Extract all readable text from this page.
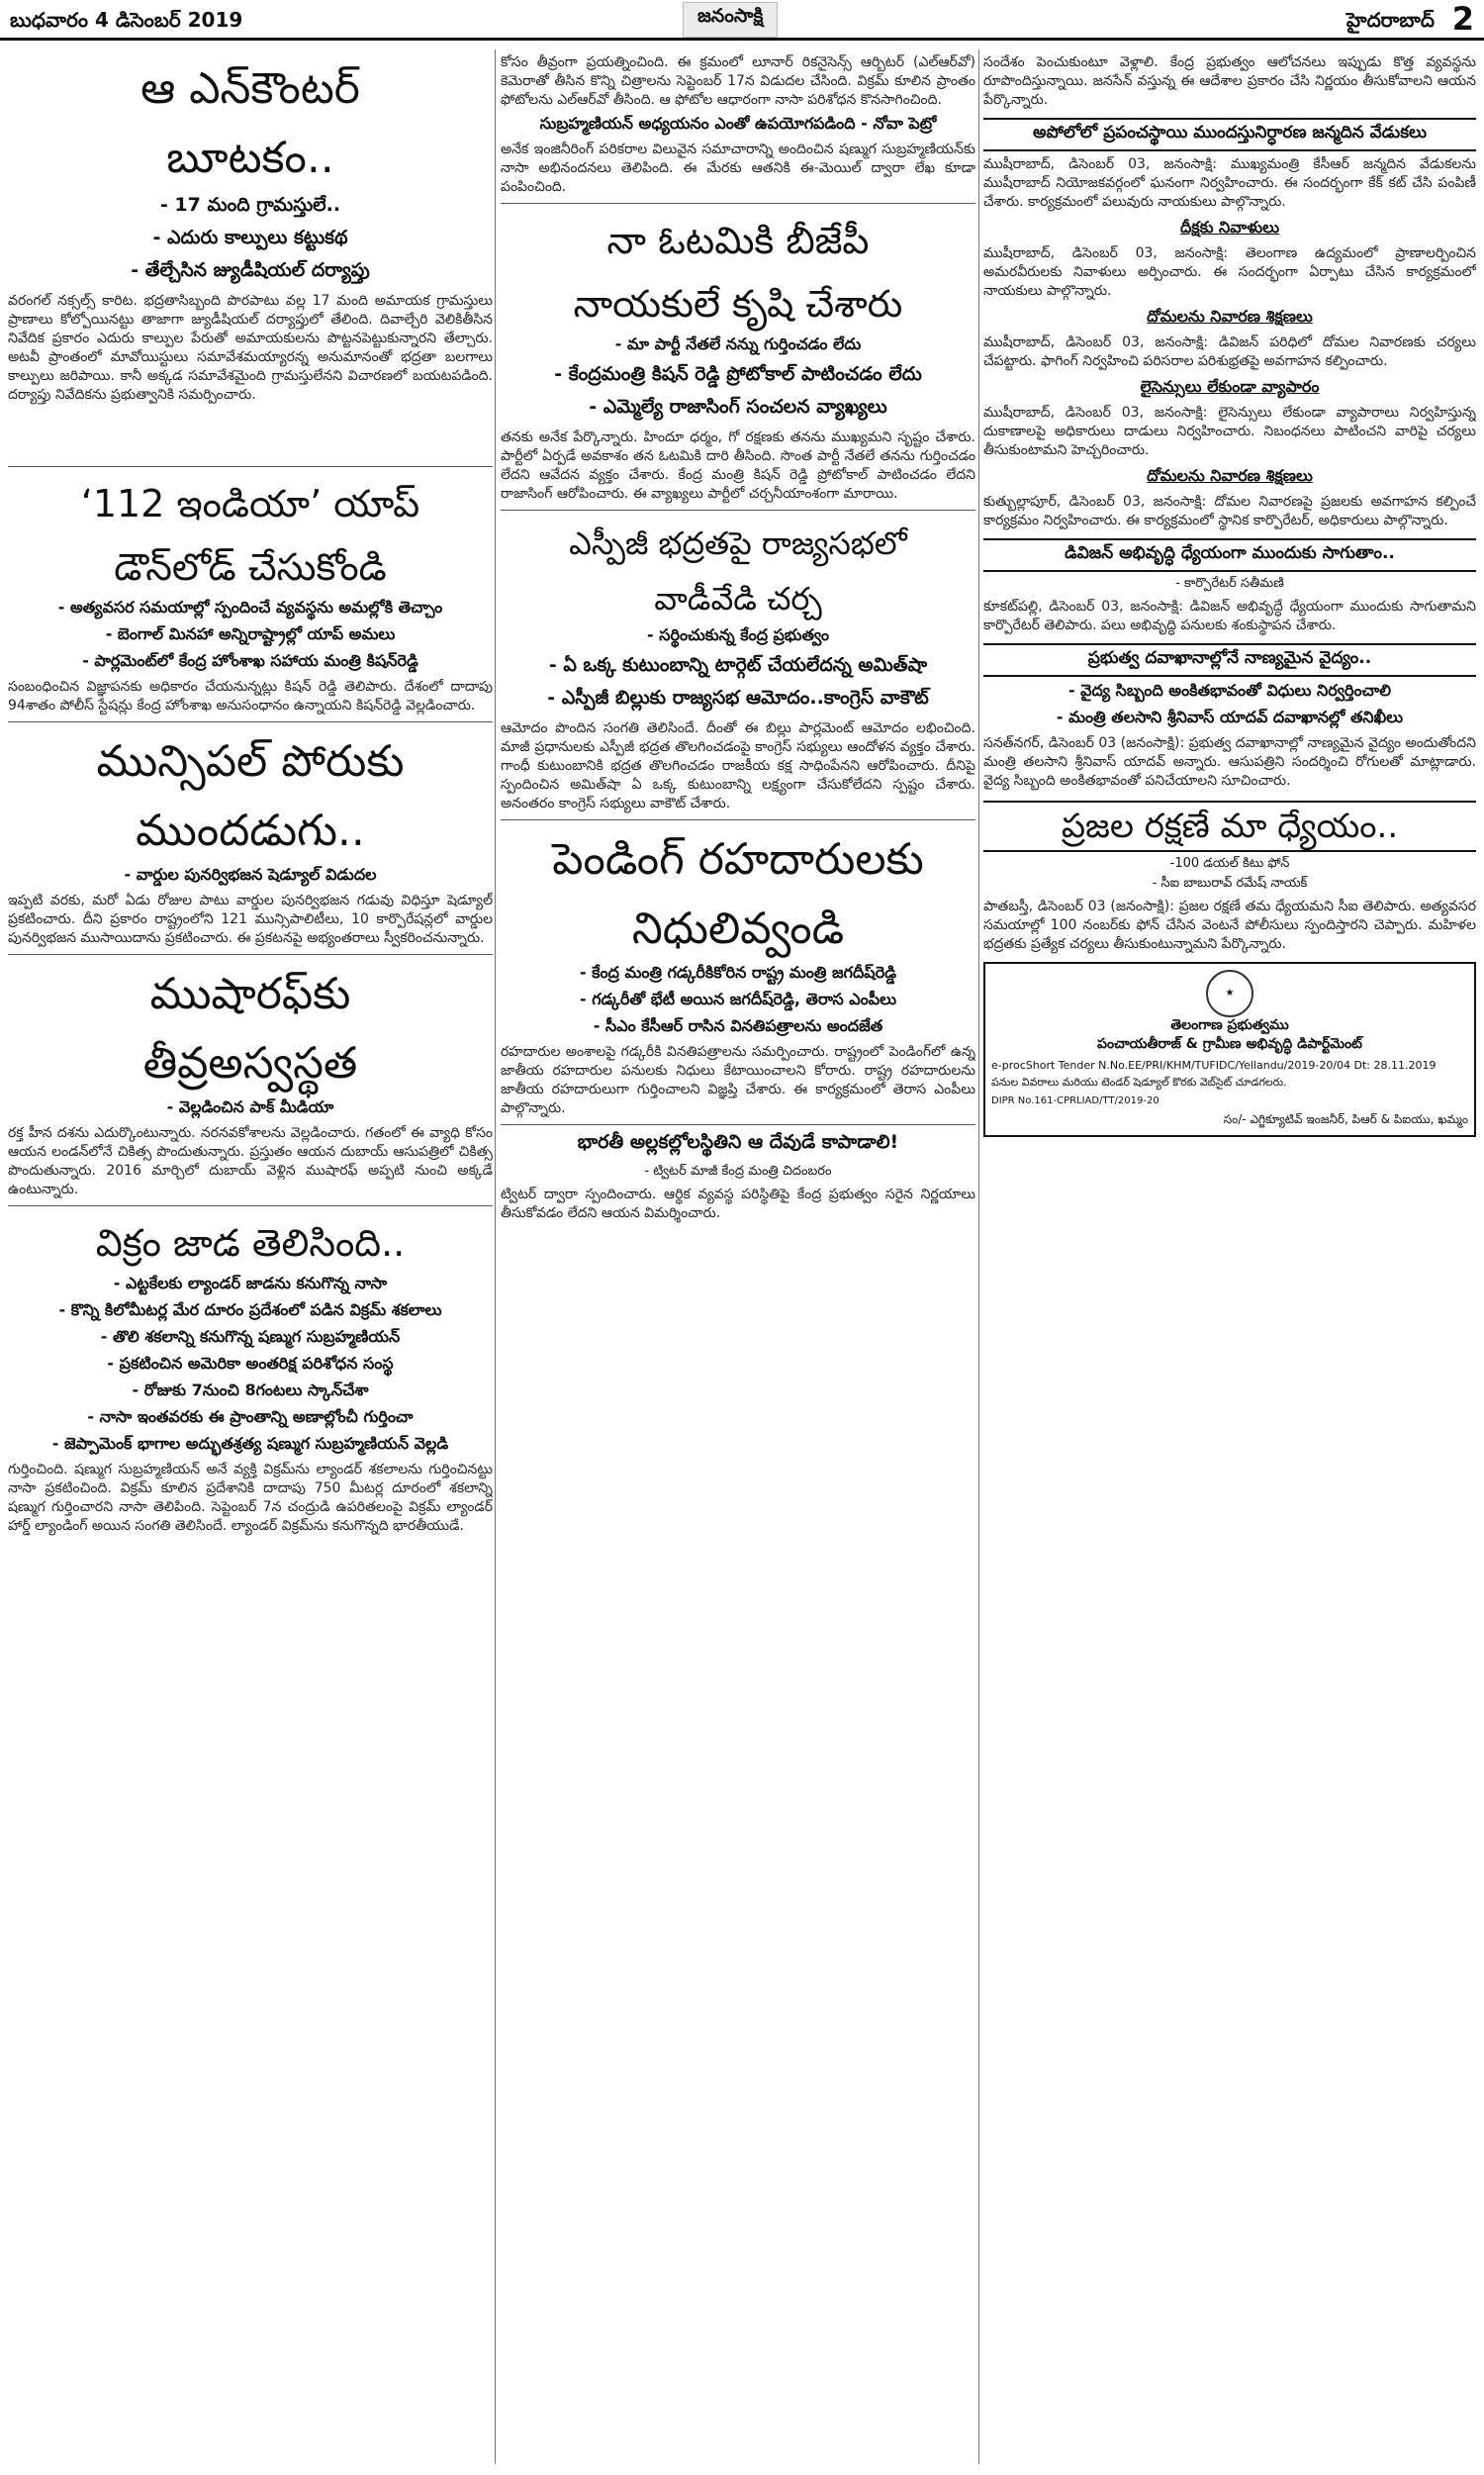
బుధవారం 4 డిసెంబర్ 2019	జనంసాక్షి	హైదరాబాద్ 2
ఆ ఎన్‌కౌంటర్
బూటకం..
- 17 మంది గ్రామస్తులే..
- ఎదురు కాల్పులు కట్టుకథ
- తేల్చేసిన జ్యుడీషియల్‌ దర్యాప్తు
వరంగల్‌ నక్సల్స్‌ కారిట. భద్రతాసిబ్బంది పొరపాటు వల్ల 17 మంది అమాయక గ్రామస్తులు ప్రాణాలు కోల్పోయినట్టు తాజాగా జ్యుడీషియల్‌ దర్యాప్తులో తేలింది. దివాల్చేరి వెలికితీసిన నివేదిక ప్రకారం ఎదురు కాల్పుల పేరుతో అమాయకులను పొట్టనపెట్టుకున్నారని తేల్చారు. అటవీ ప్రాంతంలో మావోయిస్టులు సమావేశమయ్యారన్న అనుమానంతో భద్రతా బలగాలు కాల్పులు జరిపాయి. కానీ అక్కడ సమావేశమైంది గ్రామస్తులేనని విచారణలో బయటపడింది. దర్యాప్తు నివేదికను ప్రభుత్వానికి సమర్పించారు.
‘112 ఇండియా’ యాప్‌
డౌన్‌లోడ్‌ చేసుకోండి
- అత్యవసర సమయాల్లో స్పందించే వ్యవస్థను అమల్లోకి తెచ్చాం
- బెంగాల్‌ మినహా అన్నిరాష్ట్రాల్లో యాప్‌ అమలు
- పార్లమెంట్‌లో కేంద్ర హోంశాఖ సహాయ మంత్రి కిషన్‌రెడ్డి
సంబంధించిన విజ్ఞాపనకు అధికారం చేయనున్నట్లు కిషన్‌ రెడ్డి తెలిపారు. దేశంలో దాదాపు 94శాతం పోలీస్‌ స్టేషన్లు కేంద్ర హోంశాఖ అనుసంధానం ఉన్నాయని కిషన్‌రెడ్డి వెల్లడించారు.
మున్సిపల్‌ పోరుకు
ముందడుగు..
- వార్డుల పునర్విభజన షెడ్యూల్‌ విడుదల
ఇప్పటి వరకు, మరో ఏడు రోజుల పాటు వార్డుల పునర్విభజన గడువు విధిస్తూ షెడ్యూల్‌ ప్రకటించారు. దీని ప్రకారం రాష్ట్రంలోని 121 మున్సిపాలిటీలు, 10 కార్పొరేషన్లలో వార్డుల పునర్విభజన ముసాయిదాను ప్రకటించారు. ఈ ప్రకటనపై అభ్యంతరాలు స్వీకరించనున్నారు.
ముషారఫ్‌కు
తీవ్రఅస్వస్థత
- వెల్లడించిన పాక్‌ మీడియా
రక్త హీన దశను ఎదుర్కొంటున్నారు. నరనవకోశాలను వెల్లడించారు. గతంలో ఈ వ్యాధి కోసం ఆయన లండన్‌లోనే చికిత్స పొందుతున్నారు. ప్రస్తుతం ఆయన దుబాయ్‌ ఆసుపత్రిలో చికిత్స పొందుతున్నారు. 2016 మార్చిలో దుబాయ్‌ వెళ్లిన ముషారఫ్‌ అప్పటి నుంచి అక్కడే ఉంటున్నారు.
విక్రం జాడ తెలిసింది..
- ఎట్టకేలకు ల్యాండర్‌ జాడను కనుగొన్న నాసా
- కొన్ని కిలోమీటర్ల మేర దూరం ప్రదేశంలో పడిన విక్రమ్‌ శకలాలు
- తొలి శకలాన్ని కనుగొన్న షణ్ముగ సుబ్రహ్మణియన్‌
- ప్రకటించిన అమెరికా అంతరిక్ష పరిశోధన సంస్థ
- రోజుకు 7నుంచి 8గంటలు స్కాన్‌చేశా
- నాసా ఇంతవరకు ఈ ప్రాంతాన్ని అణాల్లోంచీ గుర్తించా
- జెప్పామెంక్‌ భాగాల అద్భుతశ్రత్య షణ్ముగ సుబ్రహ్మణియన్‌ వెల్లడి
గుర్తించింది. షణ్ముగ సుబ్రహ్మణియన్‌ అనే వ్యక్తి విక్రమ్‌ను ల్యాండర్‌ శకలాలను గుర్తించినట్టు నాసా ప్రకటించింది. విక్రమ్‌ కూలిన ప్రదేశానికి దాదాపు 750 మీటర్ల దూరంలో శకలాన్ని షణ్ముగ గుర్తించారని నాసా తెలిపింది. సెప్టెంబర్‌ 7న చంద్రుడి ఉపరితలంపై విక్రమ్‌ ల్యాండర్‌ హార్డ్‌ ల్యాండింగ్‌ అయిన సంగతి తెలిసిందే. ల్యాండర్‌ విక్రమ్‌ను కనుగొన్నది భారతీయుడే.
కోసం తీవ్రంగా ప్రయత్నించింది. ఈ క్రమంలో లూనార్‌ రికనైసెన్స్‌ ఆర్బిటర్‌ (ఎల్‌ఆర్‌వో) కెమెరాతో తీసిన కొన్ని చిత్రాలను సెప్టెంబర్‌ 17న విడుదల చేసింది. విక్రమ్‌ కూలిన ప్రాంతం ఫోటోలను ఎల్‌ఆర్‌వో తీసింది. ఆ ఫోటోల ఆధారంగా నాసా పరిశోధన కొనసాగించింది.
సుబ్రహ్మణియన్‌ అధ్యయనం ఎంతో ఉపయోగపడింది - నోవా పెట్రో
అనేక ఇంజినీరింగ్‌ పరికరాల విలువైన సమాచారాన్ని అందించిన షణ్ముగ సుబ్రహ్మణియన్‌కు నాసా అభినందనలు తెలిపింది. ఈ మేరకు ఆతనికి ఈ-మెయిల్‌ ద్వారా లేఖ కూడా పంపించింది.
నా ఓటమికి బీజేపీ
నాయకులే కృషి చేశారు
- మా పార్టీ నేతలే నన్ను గుర్తించడం లేదు
- కేంద్రమంత్రి కిషన్‌ రెడ్డి ప్రోటోకాల్‌ పాటించడం లేదు
- ఎమ్మెల్యే రాజాసింగ్‌ సంచలన వ్యాఖ్యలు
తనకు అనేక పేర్కొన్నారు. హిందూ ధర్మం, గో రక్షణకు తనను ముఖ్యమని సృష్టం చేశారు. పార్టీలో ఏర్పడే అవకాశం తన ఓటమికి దారి తీసింది. సొంత పార్టీ నేతలే తనను గుర్తించడం లేదని ఆవేదన వ్యక్తం చేశారు. కేంద్ర మంత్రి కిషన్‌ రెడ్డి ప్రోటోకాల్‌ పాటించడం లేదని రాజాసింగ్‌ ఆరోపించారు. ఈ వ్యాఖ్యలు పార్టీలో చర్చనీయాంశంగా మారాయి.
ఎస్పీజీ భద్రతపై రాజ్యసభలో
వాడీవేడి చర్చ
- సర్థించుకున్న కేంద్ర ప్రభుత్వం
- ఏ ఒక్క కుటుంబాన్ని టార్గెట్‌ చేయలేదన్న అమిత్‌షా
- ఎస్పీజీ బిల్లుకు రాజ్యసభ ఆమోదం..కాంగ్రెస్‌ వాకౌట్‌
ఆమోదం పొందిన సంగతి తెలిసిందే. దీంతో ఈ బిల్లు పార్లమెంట్‌ ఆమోదం లభించింది. మాజీ ప్రధానులకు ఎస్పీజీ భద్రత తొలగించడంపై కాంగ్రెస్‌ సభ్యులు ఆందోళన వ్యక్తం చేశారు. గాంధీ కుటుంబానికి భద్రత తొలగించడం రాజకీయ కక్ష సాధింపేనని ఆరోపించారు. దీనిపై స్పందించిన అమిత్‌షా ఏ ఒక్క కుటుంబాన్ని లక్ష్యంగా చేసుకోలేదని స్పష్టం చేశారు. అనంతరం కాంగ్రెస్‌ సభ్యులు వాకౌట్‌ చేశారు.
పెండింగ్‌ రహదారులకు
నిధులివ్వండి
- కేంద్ర మంత్రి గడ్కరీకికోరిన రాష్ట్ర మంత్రి జగదీష్‌రెడ్డి
- గడ్కరీతో భేటీ అయిన జగదీష్‌రెడ్డి, తెరాస ఎంపీలు
- సీఎం కేసీఆర్‌ రాసిన వినతిపత్రాలను అందజేత
రహదారుల అంశాలపై గడ్కరీకి వినతిపత్రాలను సమర్పించారు. రాష్ట్రంలో పెండింగ్‌లో ఉన్న జాతీయ రహదారుల పనులకు నిధులు కేటాయించాలని కోరారు. రాష్ట్ర రహదారులను జాతీయ రహదారులుగా గుర్తించాలని విజ్ఞప్తి చేశారు. ఈ కార్యక్రమంలో తెరాస ఎంపీలు పాల్గొన్నారు.
భారతీ అల్లకల్లోలస్థితిని ఆ దేవుడే కాపాడాలి!
- ట్విటర్‌ మాజీ కేంద్ర మంత్రి చిదంబరం
ట్విటర్‌ ద్వారా స్పందించారు. ఆర్థిక వ్యవస్థ పరిస్థితిపై కేంద్ర ప్రభుత్వం సరైన నిర్ణయాలు తీసుకోవడం లేదని ఆయన విమర్శించారు.
సందేశం పెంచుకుంటూ వెళ్లాలి. కేంద్ర ప్రభుత్వం ఆలోచనలు ఇప్పుడు కొత్త వ్యవస్థను రూపొందిస్తున్నాయి. జనసేన్‌ వస్తున్న ఈ ఆదేశాల ప్రకారం చేసి నిర్ణయం తీసుకోవాలని ఆయన పేర్కొన్నారు.
అపోలోలో ప్రపంచస్థాయి ముందస్తునిర్ధారణ జన్మదిన వేడుకలు
ముషీరాబాద్‌, డిసెంబర్‌ 03, జనంసాక్షి: ముఖ్యమంత్రి కేసీఆర్‌ జన్మదిన వేడుకలను ముషీరాబాద్‌ నియోజకవర్గంలో ఘనంగా నిర్వహించారు. ఈ సందర్భంగా కేక్‌ కట్‌ చేసి పంపిణీ చేశారు. కార్యక్రమంలో పలువురు నాయకులు పాల్గొన్నారు.
దీక్షకు నివాళులు
ముషీరాబాద్‌, డిసెంబర్‌ 03, జనంసాక్షి: తెలంగాణ ఉద్యమంలో ప్రాణాలర్పించిన అమరవీరులకు నివాళులు అర్పించారు. ఈ సందర్భంగా ఏర్పాటు చేసిన కార్యక్రమంలో నాయకులు పాల్గొన్నారు.
దోమలను నివారణ శిక్షణలు
ముషీరాబాద్‌, డిసెంబర్‌ 03, జనంసాక్షి: డివిజన్‌ పరిధిలో దోమల నివారణకు చర్యలు చేపట్టారు. ఫాగింగ్‌ నిర్వహించి పరిసరాల పరిశుభ్రతపై అవగాహన కల్పించారు.
లైసెన్సులు లేకుండా వ్యాపారం
ముషీరాబాద్‌, డిసెంబర్‌ 03, జనంసాక్షి: లైసెన్సులు లేకుండా వ్యాపారాలు నిర్వహిస్తున్న దుకాణాలపై అధికారులు దాడులు నిర్వహించారు. నిబంధనలు పాటించని వారిపై చర్యలు తీసుకుంటామని హెచ్చరించారు.
దోమలను నివారణ శిక్షణలు
కుత్బుల్లాపూర్‌, డిసెంబర్‌ 03, జనంసాక్షి: దోమల నివారణపై ప్రజలకు అవగాహన కల్పించే కార్యక్రమం నిర్వహించారు. ఈ కార్యక్రమంలో స్థానిక కార్పొరేటర్‌, అధికారులు పాల్గొన్నారు.
డివిజన్‌ అభివృద్ధి ధ్యేయంగా ముందుకు సాగుతాం..
- కార్పొరేటర్‌ సతీమణి
కూకట్‌పల్లి, డిసెంబర్‌ 03, జనంసాక్షి: డివిజన్‌ అభివృద్ధే ధ్యేయంగా ముందుకు సాగుతామని కార్పొరేటర్‌ తెలిపారు. పలు అభివృద్ధి పనులకు శంకుస్థాపన చేశారు.
ప్రభుత్వ దవాఖానాల్లోనే నాణ్యమైన వైద్యం..
- వైద్య సిబ్బంది అంకితభావంతో విధులు నిర్వర్తించాలి
- మంత్రి తలసాని శ్రీనివాస్‌ యాదవ్‌ దవాఖానల్లో తనిఖీలు
సనత్‌నగర్‌, డిసెంబర్‌ 03 (జనంసాక్షి): ప్రభుత్వ దవాఖానాల్లో నాణ్యమైన వైద్యం అందుతోందని మంత్రి తలసాని శ్రీనివాస్‌ యాదవ్‌ అన్నారు. ఆసుపత్రిని సందర్శించి రోగులతో మాట్లాడారు. వైద్య సిబ్బంది అంకితభావంతో పనిచేయాలని సూచించారు.
ప్రజల రక్షణే మా ధ్యేయం..
-100 డయల్‌ కిటు ఫోన్‌
- సీఐ బాబురావ్‌ రమేష్‌ నాయక్‌
పాతబస్తీ, డిసెంబర్‌ 03 (జనంసాక్షి): ప్రజల రక్షణే తమ ధ్యేయమని సీఐ తెలిపారు. అత్యవసర సమయాల్లో 100 నంబర్‌కు ఫోన్‌ చేసిన వెంటనే పోలీసులు స్పందిస్తారని చెప్పారు. మహిళల భద్రతకు ప్రత్యేక చర్యలు తీసుకుంటున్నామని పేర్కొన్నారు.
★
తెలంగాణ ప్రభుత్వము
పంచాయతీరాజ్‌ & గ్రామీణ అభివృద్ధి డిపార్ట్‌మెంట్‌
e-procShort Tender N.No.EE/PRI/KHM/TUFIDC/Yellandu/2019-20/04 Dt: 28.11.2019
పనుల వివరాలు మరియు టెండర్‌ షెడ్యూల్‌ కొరకు వెబ్‌సైట్‌ చూడగలరు.
DIPR No.161-CPRLIAD/TT/2019-20
సం/- ఎగ్జిక్యూటివ్‌ ఇంజనీర్‌, పిఆర్‌ & పిఐయు, ఖమ్మం
